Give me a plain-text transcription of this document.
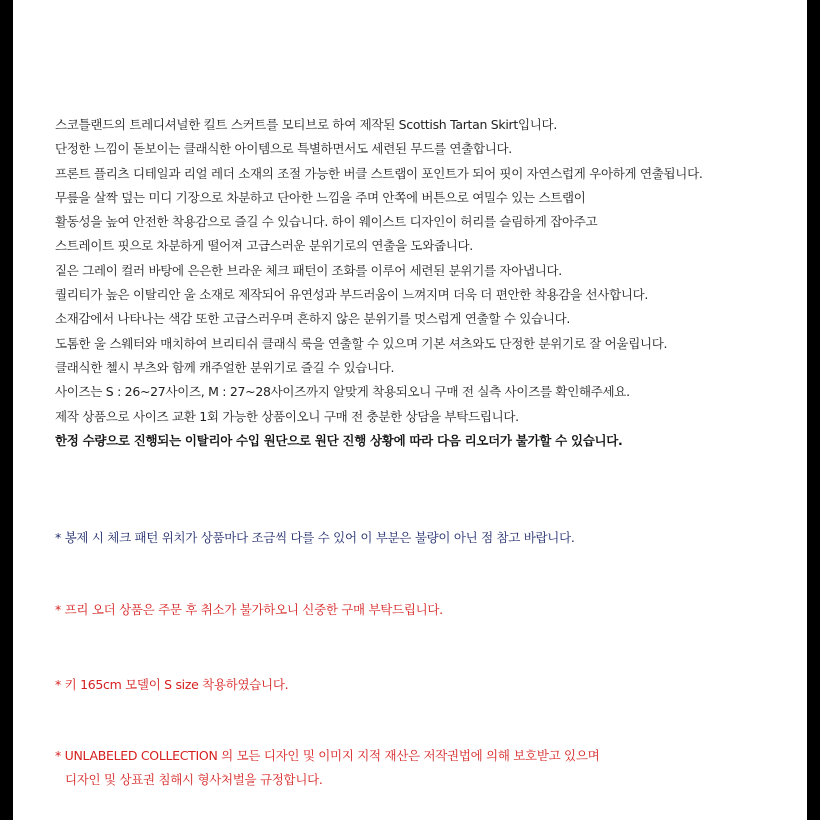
스코틀랜드의 트레디셔널한 킬트 스커트를 모티브로 하여 제작된 Scottish Tartan Skirt입니다.
단정한 느낌이 돋보이는 클래식한 아이템으로 특별하면서도 세련된 무드를 연출합니다.
프론트 플리츠 디테일과 리얼 레더 소재의 조절 가능한 버클 스트랩이 포인트가 되어 핏이 자연스럽게 우아하게 연출됩니다.
무릎을 살짝 덮는 미디 기장으로 차분하고 단아한 느낌을 주며 안쪽에 버튼으로 여밀수 있는 스트랩이
활동성을 높여 안전한 착용감으로 즐길 수 있습니다. 하이 웨이스트 디자인이 허리를 슬림하게 잡아주고
스트레이트 핏으로 차분하게 떨어져 고급스러운 분위기로의 연출을 도와줍니다.
짙은 그레이 컬러 바탕에 은은한 브라운 체크 패턴이 조화를 이루어 세련된 분위기를 자아냅니다.
퀄리티가 높은 이탈리안 울 소재로 제작되어 유연성과 부드러움이 느껴지며 더욱 더 편안한 착용감을 선사합니다.
소재감에서 나타나는 색감 또한 고급스러우며 흔하지 않은 분위기를 멋스럽게 연출할 수 있습니다.
도톰한 울 스웨터와 매치하여 브리티쉬 클래식 룩을 연출할 수 있으며 기본 셔츠와도 단정한 분위기로 잘 어울립니다.
클래식한 첼시 부츠와 함께 캐주얼한 분위기로 즐길 수 있습니다.
사이즈는 S : 26~27사이즈, M : 27~28사이즈까지 알맞게 착용되오니 구매 전 실측 사이즈를 확인해주세요.
제작 상품으로 사이즈 교환 1회 가능한 상품이오니 구매 전 충분한 상담을 부탁드립니다.
한정 수량으로 진행되는 이탈리아 수입 원단으로 원단 진행 상황에 따라 다음 리오더가 불가할 수 있습니다.
* 봉제 시 체크 패턴 위치가 상품마다 조금씩 다를 수 있어 이 부분은 불량이 아닌 점 참고 바랍니다.
* 프리 오더 상품은 주문 후 취소가 불가하오니 신중한 구매 부탁드립니다.
* 키 165cm 모델이 S size 착용하였습니다.
* UNLABELED COLLECTION 의 모든 디자인 및 이미지 지적 재산은 저작권법에 의해 보호받고 있으며
디자인 및 상표권 침해시 형사처벌을 규정합니다.
